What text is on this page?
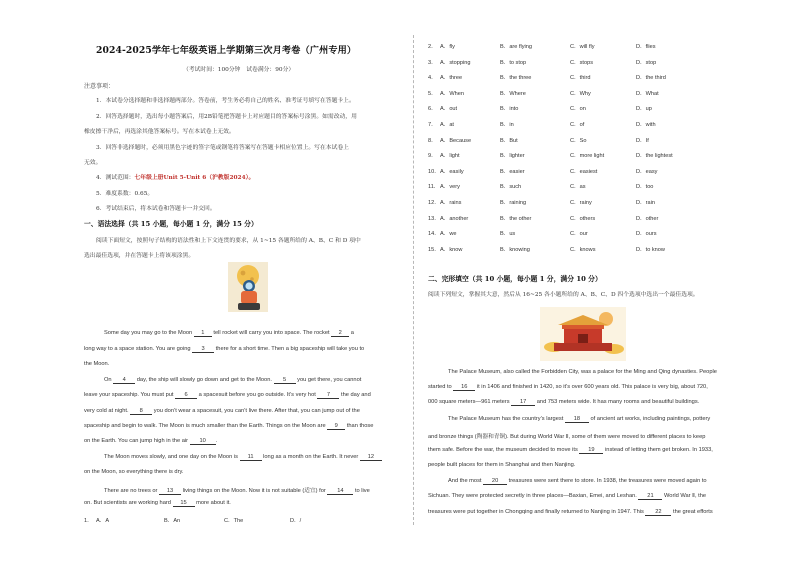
2024-2025学年七年级英语上学期第三次月考卷（广州专用）
（考试时间：100分钟　试卷满分：90分）
注意事项：
1．本试卷分选择题和非选择题两部分。答卷前，考生务必将自己的姓名、准考证号填写在答题卡上。
2．回答选择题时，选出每小题答案后，用2B铅笔把答题卡上对应题目的答案标号涂黑。如需改动，用
橡皮擦干净后，再选涂其他答案标号。写在本试卷上无效。
3．回答非选择题时，必须用黑色字迹的签字笔或钢笔将答案写在答题卡相应位置上。写在本试卷上
无效。
4．测试范围：七年级上册Unit 5-Unit 6（沪教版2024）。
5．难度系数：0.65。
6．考试结束后，将本试卷和答题卡一并交回。
一、语法选择（共 15 小题，每小题 1 分，满分 15 分）
阅读下面短文，按照句子结构的语法性和上下文连贯的要求，从 1~15 各题所给的 A、B、C 和 D 项中
选出最佳选项，并在答题卡上将该项涂黑。
Some day you may go to the Moon 1 tell rocket will carry you into space. The rocket 2 a
long way to a space station. You are going 3 there for a short time. Then a big spaceship will take you to
the Moon.
On 4 day, the ship will slowly go down and get to the Moon. 5 you get there, you cannot
leave your spaceship. You must put 6 a spacesuit before you go outside. It’s very hot 7 the day and
very cold at night. 8 you don’t wear a spacesuit, you can’t live there. After that, you can jump out of the
spaceship and begin to walk. The Moon is much smaller than the Earth. Things on the Moon are 9 than those
on the Earth. You can jump high in the air 10 .
The Moon moves slowly, and one day on the Moon is 11 long as a month on the Earth. It never 12
on the Moon, so everything there is dry.
There are no trees or 13 living things on the Moon. Now it is not suitable (适宜) for 14 to live
on. But scientists are working hard 15 more about it.
1． A．A	B．An	C．The	D．/
2． A．fly	B．are flying	C．will fly	D．flies
3． A．stopping	B．to stop	C．stops	D．stop
4． A．three	B．the three	C．third	D．the third
5． A．When	B．Where	C．Why	D．What
6． A．out	B．into	C．on	D．up
7． A．at	B．in	C．of	D．with
8． A．Because	B．But	C．So	D．If
9． A．light	B．lighter	C．more light	D．the lightest
10． A．easily	B．easier	C．easiest	D．easy
11． A．very	B．such	C．as	D．too
12． A．rains	B．raining	C．rainy	D．rain
13． A．another	B．the other	C．others	D．other
14． A．we	B．us	C．our	D．ours
15． A．know	B．knowing	C．knows	D．to know
二、完形填空（共 10 小题，每小题 1 分，满分 10 分）
阅读下列短文，掌握其大意，然后从 16~25 各小题所给的 A、B、C、D 四个选项中选出一个最佳选项。
The Palace Museum, also called the Forbidden City, was a palace for the Ming and Qing dynasties. People
started to 16 it in 1406 and finished in 1420, so it’s over 600 years old. This palace is very big, about 720,
000 square meters—961 meters 17 and 753 meters wide. It has many rooms and beautiful buildings.
The Palace Museum has the country’s largest 18 of ancient art works, including paintings, pottery
and bronze things (陶器和青铜). But during World War Ⅱ, some of them were moved to different places to keep
them safe. Before the war, the museum decided to move its 19 instead of letting them get broken. In 1933,
people built places for them in Shanghai and then Nanjing.
And the most 20 treasures were sent there to store. In 1938, the treasures were moved again to
Sichuan. They were protected secretly in three places—Baxian, Emei, and Leshan. 21 World War Ⅱ, the
treasures were put together in Chongqing and finally returned to Nanjing in 1947. This 22 the great efforts
